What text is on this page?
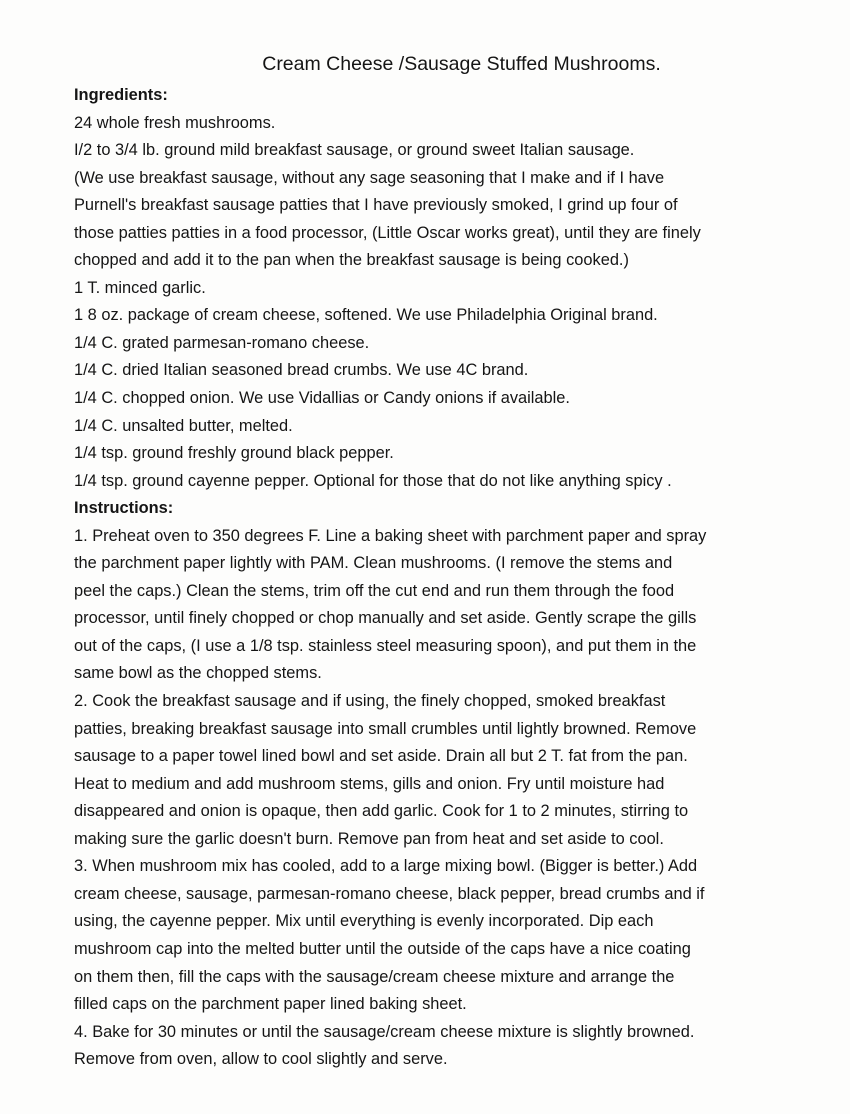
Cream Cheese /Sausage Stuffed Mushrooms.
Ingredients:
24 whole fresh mushrooms.
I/2 to 3/4 lb. ground mild breakfast sausage, or ground sweet Italian sausage.
(We use breakfast sausage, without any sage seasoning that I make and if I have
Purnell's breakfast sausage patties that I have previously smoked, I grind up four of
those patties patties in a food processor, (Little Oscar works great), until they are finely
chopped and add it to the pan when the breakfast sausage is being cooked.)
1 T. minced garlic.
1 8 oz. package of cream cheese, softened. We use Philadelphia Original brand.
1/4 C. grated parmesan-romano cheese.
1/4 C. dried Italian seasoned bread crumbs. We use 4C brand.
1/4 C. chopped onion. We use Vidallias or Candy onions if available.
1/4 C. unsalted butter, melted.
1/4 tsp. ground freshly ground black pepper.
1/4 tsp. ground cayenne pepper. Optional for those that do not like anything spicy .
Instructions:
1. Preheat oven to 350 degrees F. Line a baking sheet with parchment paper and spray
the parchment paper lightly with PAM. Clean mushrooms. (I remove the stems and
peel the caps.) Clean the stems, trim off the cut end and run them through the food
processor, until finely chopped or chop manually and set aside. Gently scrape the gills
out of the caps, (I use a 1/8 tsp. stainless steel measuring spoon), and put them in the
same bowl as the chopped stems.
2. Cook the breakfast sausage and if using, the finely chopped, smoked breakfast
patties, breaking breakfast sausage into small crumbles until lightly browned. Remove
sausage to a paper towel lined bowl and set aside. Drain all but 2 T. fat from the pan.
Heat to medium and add mushroom stems, gills and onion. Fry until moisture had
disappeared and onion is opaque, then add garlic. Cook for 1 to 2 minutes, stirring to
making sure the garlic doesn't burn. Remove pan from heat and set aside to cool.
3. When mushroom mix has cooled, add to a large mixing bowl. (Bigger is better.) Add
cream cheese, sausage, parmesan-romano cheese, black pepper, bread crumbs and if
using, the cayenne pepper. Mix until everything is evenly incorporated. Dip each
mushroom cap into the melted butter until the outside of the caps have a nice coating
on them then, fill the caps with the sausage/cream cheese mixture and arrange the
filled caps on the parchment paper lined baking sheet.
4. Bake for 30 minutes or until the sausage/cream cheese mixture is slightly browned.
Remove from oven, allow to cool slightly and serve.
